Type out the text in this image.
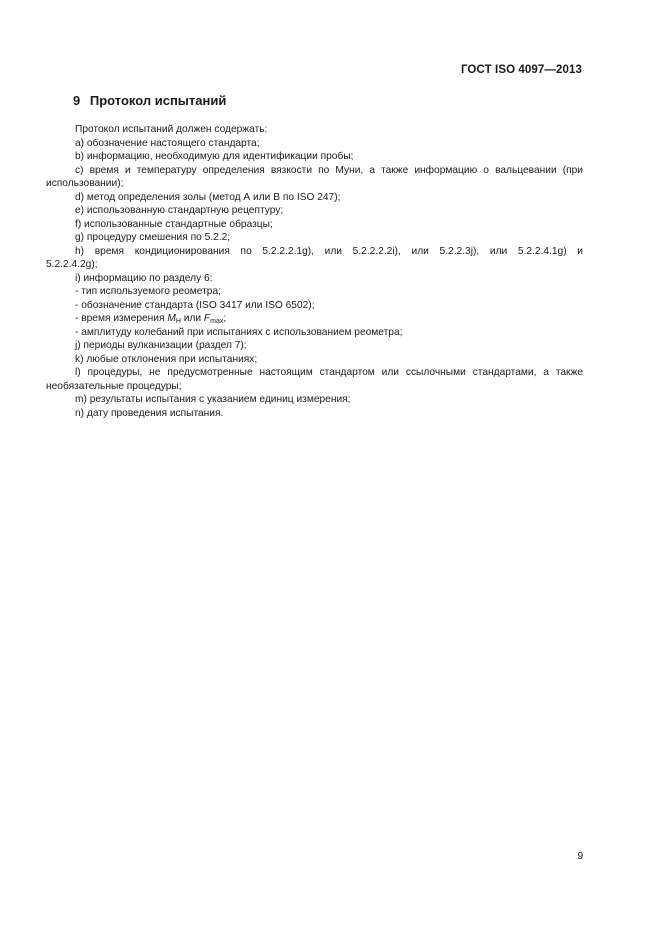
ГОСТ ISO 4097—2013
9 Протокол испытаний
Протокол испытаний должен содержать:
a) обозначение настоящего стандарта;
b) информацию, необходимую для идентификации пробы;
c) время и температуру определения вязкости по Муни, а также информацию о вальцевании (при использовании);
d) метод определения золы (метод А или В по ISO 247);
e) использованную стандартную рецептуру;
f) использованные стандартные образцы;
g) процедуру смешения по 5.2.2;
h) время кондиционирования по 5.2.2.2.1g), или 5.2.2.2.2i), или 5.2.2.3j), или 5.2.2.4.1g) и
5.2.2.4.2g);
i) информацию по разделу 6:
- тип используемого реометра;
- обозначение стандарта (ISO 3417 или ISO 6502);
- время измерения $M_H$ или $F_{max}$;
- амплитуду колебаний при испытаниях с использованием реометра;
j) периоды вулканизации (раздел 7);
k) любые отклонения при испытаниях;
l) процедуры, не предусмотренные настоящим стандартом или ссылочными стандартами, а также необязательные процедуры;
m) результаты испытания с указанием единиц измерения;
n) дату проведения испытания.
9
